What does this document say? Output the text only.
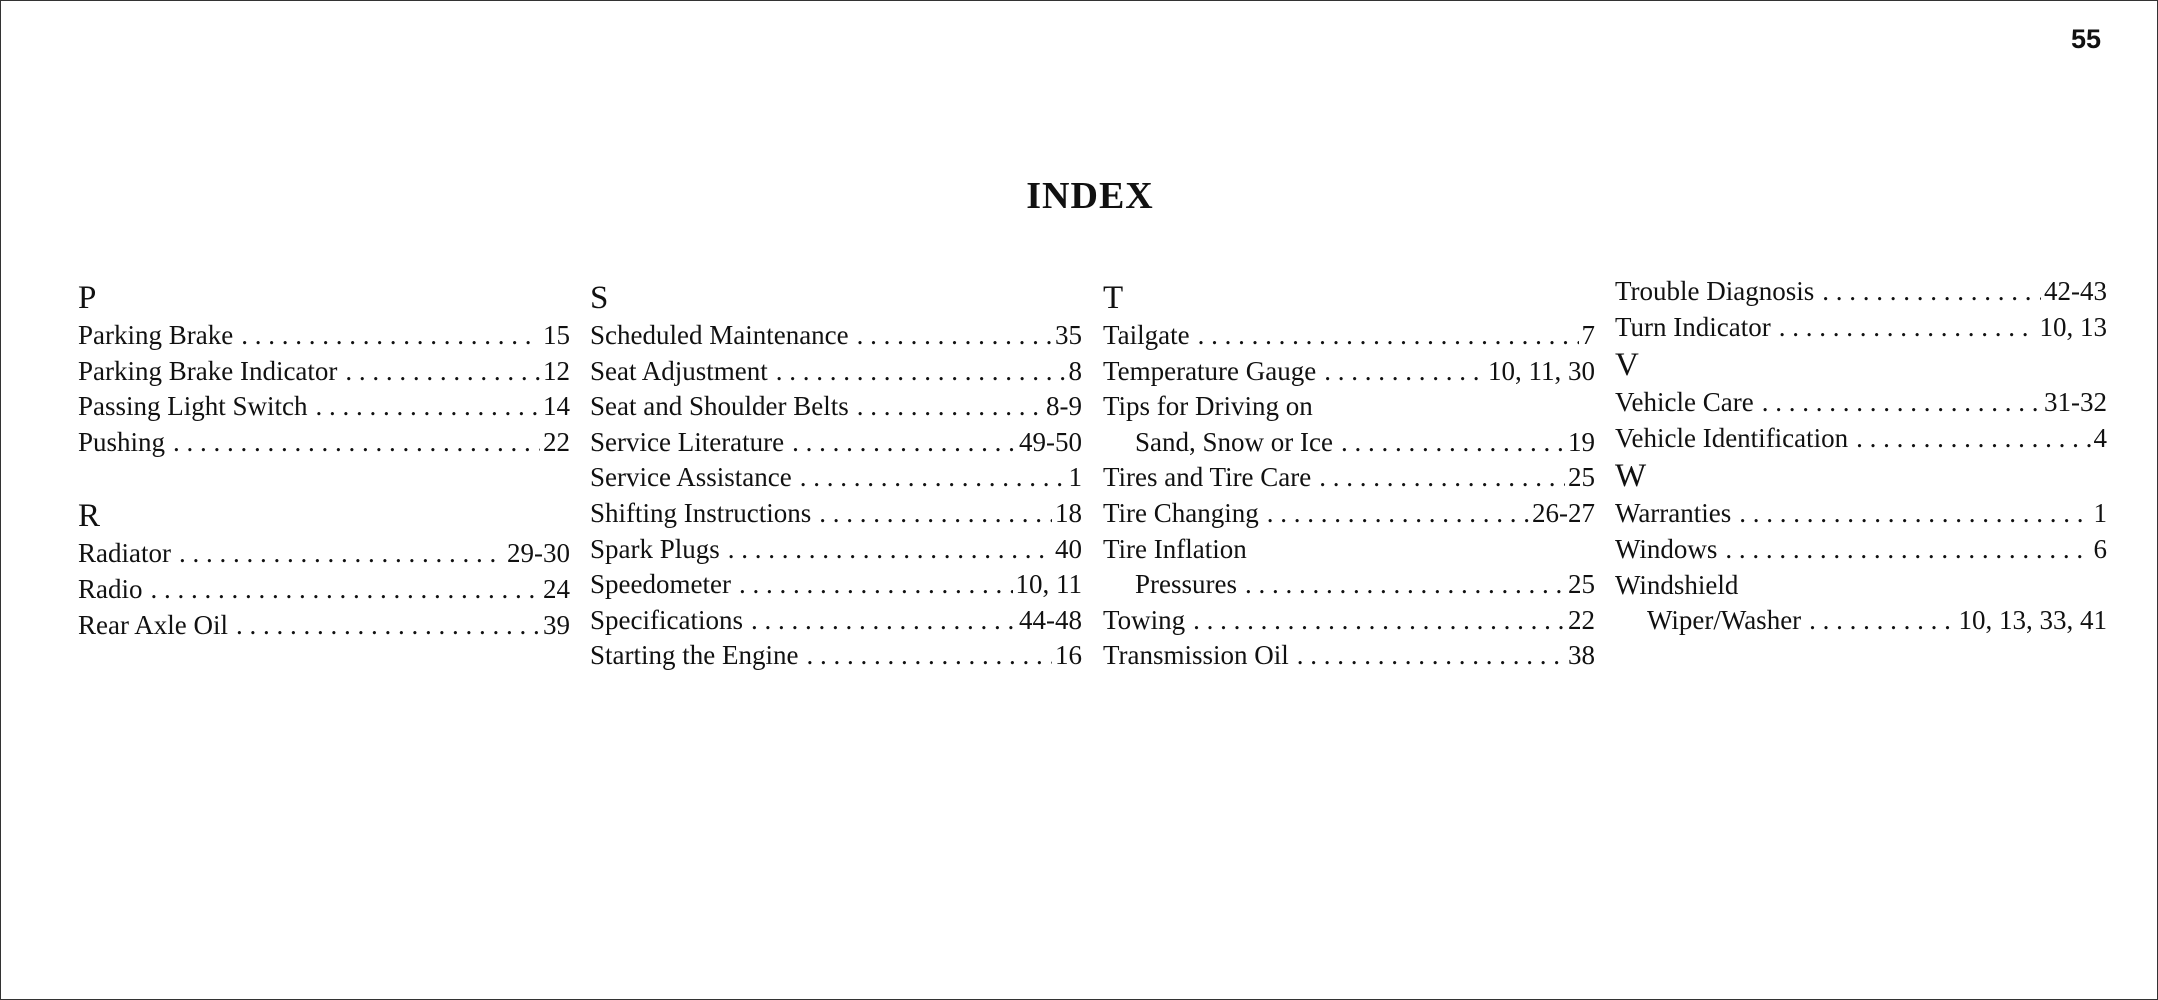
55
INDEX
P
Parking Brake . . .	15
Parking Brake Indicator . . .	12
Passing Light Switch . . .	14
Pushing . . .	22
R
Radiator . . .	29-30
Radio . . .	24
Rear Axle Oil . . .	39
S
Scheduled Maintenance . . .	35
Seat Adjustment . . .	8
Seat and Shoulder Belts . . .	8-9
Service Literature . . .	49-50
Service Assistance . . .	1
Shifting Instructions . . .	18
Spark Plugs . . .	40
Speedometer . . .	10, 11
Specifications . . .	44-48
Starting the Engine . . .	16
T
Tailgate . . .	7
Temperature Gauge . . .	10, 11, 30
Tips for Driving on
Sand, Snow or Ice . . .	19
Tires and Tire Care . . .	25
Tire Changing . . .	26-27
Tire Inflation
Pressures . . .	25
Towing . . .	22
Transmission Oil . . .	38
Trouble Diagnosis . . .	42-43
Turn Indicator . . .	10, 13
V
Vehicle Care . . .	31-32
Vehicle Identification . . .	4
W
Warranties . . .	1
Windows . . .	6
Windshield
Wiper/Washer . . .	10, 13, 33, 41
